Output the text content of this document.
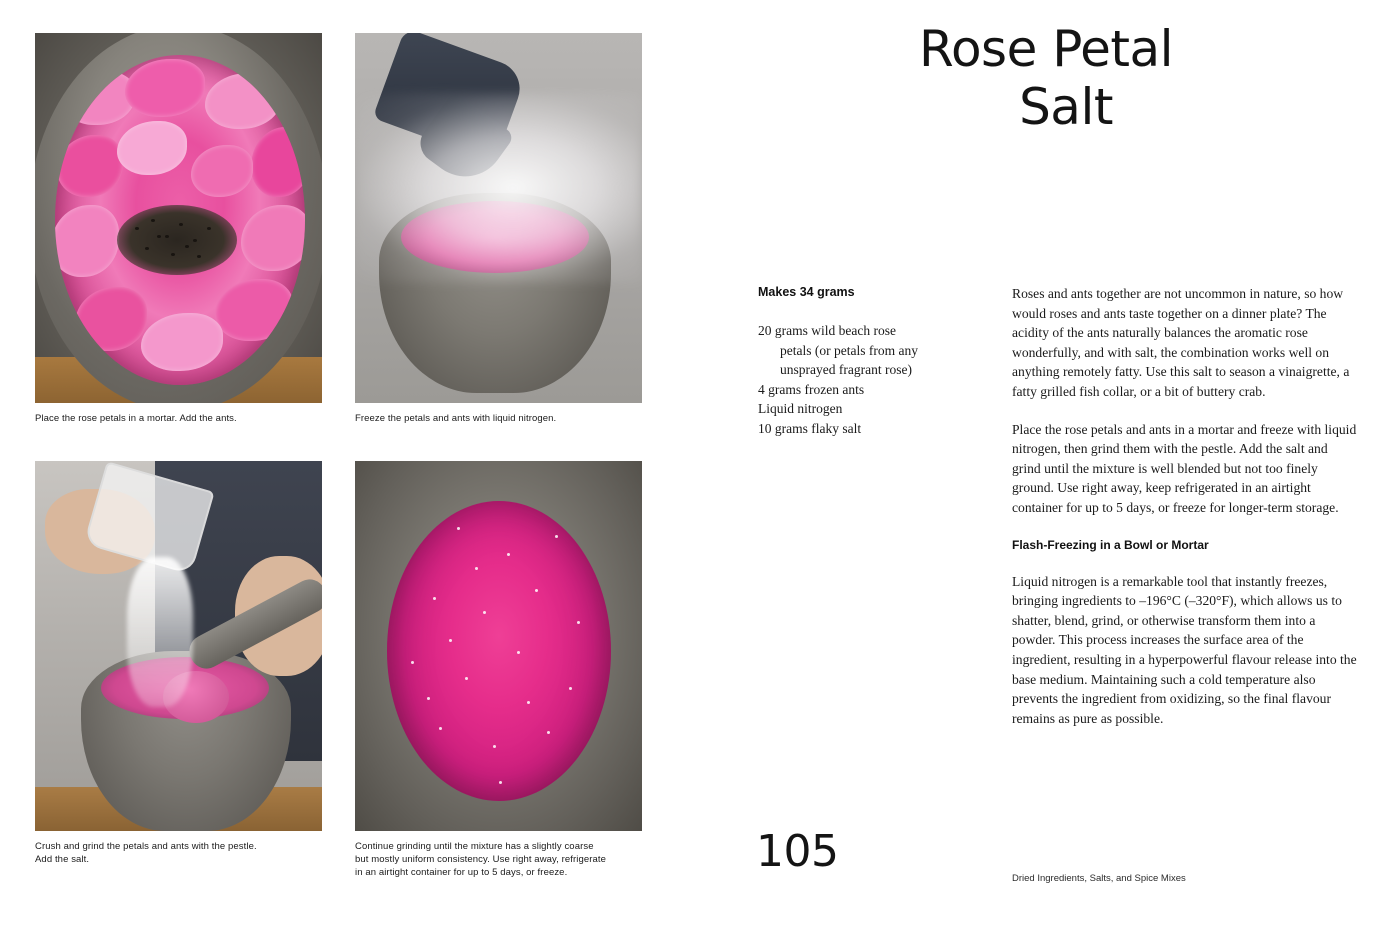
Place the rose petals in a mortar. Add the ants.	Freeze the petals and ants with liquid nitrogen.
Crush and grind the petals and ants with the pestle.
Add the salt.
Continue grinding until the mixture has a slightly coarse
but mostly uniform consistency. Use right away, refrigerate
in an airtight container for up to 5 days, or freeze.
Rose Petal
Salt
Makes 34 grams

20 grams wild beach rose
petals (or petals from any
unsprayed fragrant rose)

4 grams frozen ants

Liquid nitrogen

10 grams flaky salt

Roses and ants together are not uncommon in nature, so how would roses and ants taste together on a dinner plate? The acidity of the ants naturally balances the aromatic rose wonderfully, and with salt, the combination works well on anything remotely fatty. Use this salt to season a vinaigrette, a fatty grilled fish collar, or a bit of buttery crab.

Place the rose petals and ants in a mortar and freeze with liquid nitrogen, then grind them with the pestle. Add the salt and grind until the mixture is well blended but not too finely ground. Use right away, keep refrigerated in an airtight container for up to 5 days, or freeze for longer-term storage.

Flash-Freezing in a Bowl or Mortar

Liquid nitrogen is a remarkable tool that instantly freezes, bringing ingredients to –196°C (–320°F), which allows us to shatter, blend, grind, or otherwise transform them into a powder. This process increases the surface area of the ingredient, resulting in a hyperpowerful flavour release into the base medium. Maintaining such a cold temperature also prevents the ingredient from oxidizing, so the final flavour remains as pure as possible.

105
Dried Ingredients, Salts, and Spice Mixes
